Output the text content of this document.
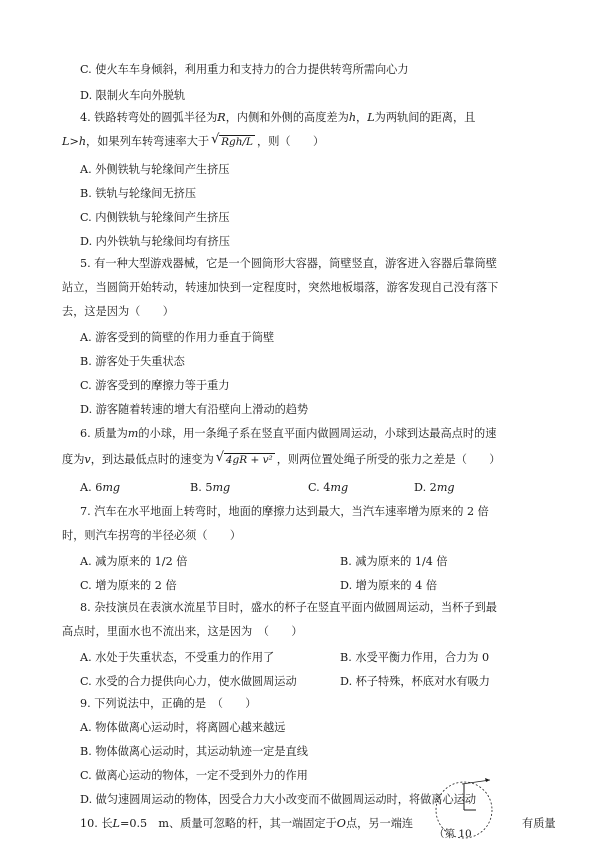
C. 使火车车身倾斜，利用重力和支持力的合力提供转弯所需向心力
D. 限制火车向外脱轨
4. 铁路转弯处的圆弧半径为R，内侧和外侧的高度差为h，L为两轨间的距离，且
L>h，如果列车转弯速率大于 √ Rgh/L ，则（　　）
A. 外侧铁轨与轮缘间产生挤压
B. 铁轨与轮缘间无挤压
C. 内侧铁轨与轮缘间产生挤压
D. 内外铁轨与轮缘间均有挤压
5. 有一种大型游戏器械，它是一个圆筒形大容器，筒壁竖直，游客进入容器后靠筒壁
站立，当圆筒开始转动，转速加快到一定程度时，突然地板塌落，游客发现自己没有落下
去，这是因为（　　）
A. 游客受到的筒壁的作用力垂直于筒壁
B. 游客处于失重状态
C. 游客受到的摩擦力等于重力
D. 游客随着转速的增大有沿壁向上滑动的趋势
6. 质量为m的小球，用一条绳子系在竖直平面内做圆周运动，小球到达最高点时的速
度为v，到达最低点时的速变为 √ 4gR + v² ，则两位置处绳子所受的张力之差是（　　）
A. 6mg	B. 5mg	C. 4mg	D. 2mg
7. 汽车在水平地面上转弯时，地面的摩擦力达到最大，当汽车速率增为原来的 2 倍
时，则汽车拐弯的半径必须（　　）
A. 减为原来的 1/2 倍	B. 减为原来的 1/4 倍
C. 增为原来的 2 倍	D. 增为原来的 4 倍
8. 杂技演员在表演水流星节目时，盛水的杯子在竖直平面内做圆周运动，当杯子到最
高点时，里面水也不流出来，这是因为　（　　）
A. 水处于失重状态，不受重力的作用了	B. 水受平衡力作用，合力为 0
C. 水受的合力提供向心力，使水做圆周运动	D. 杯子特殊，杯底对水有吸力
9. 下列说法中，正确的是　（　　）
A. 物体做离心运动时，将离圆心越来越远
B. 物体做离心运动时，其运动轨迹一定是直线
C. 做离心运动的物体，一定不受到外力的作用
D. 做匀速圆周运动的物体，因受合力大小改变而不做圆周运动时，将做离心运动
10. 长L=0.5　m、质量可忽略的杆，其一端固定于O点，另一端连	有质量
（第 10
